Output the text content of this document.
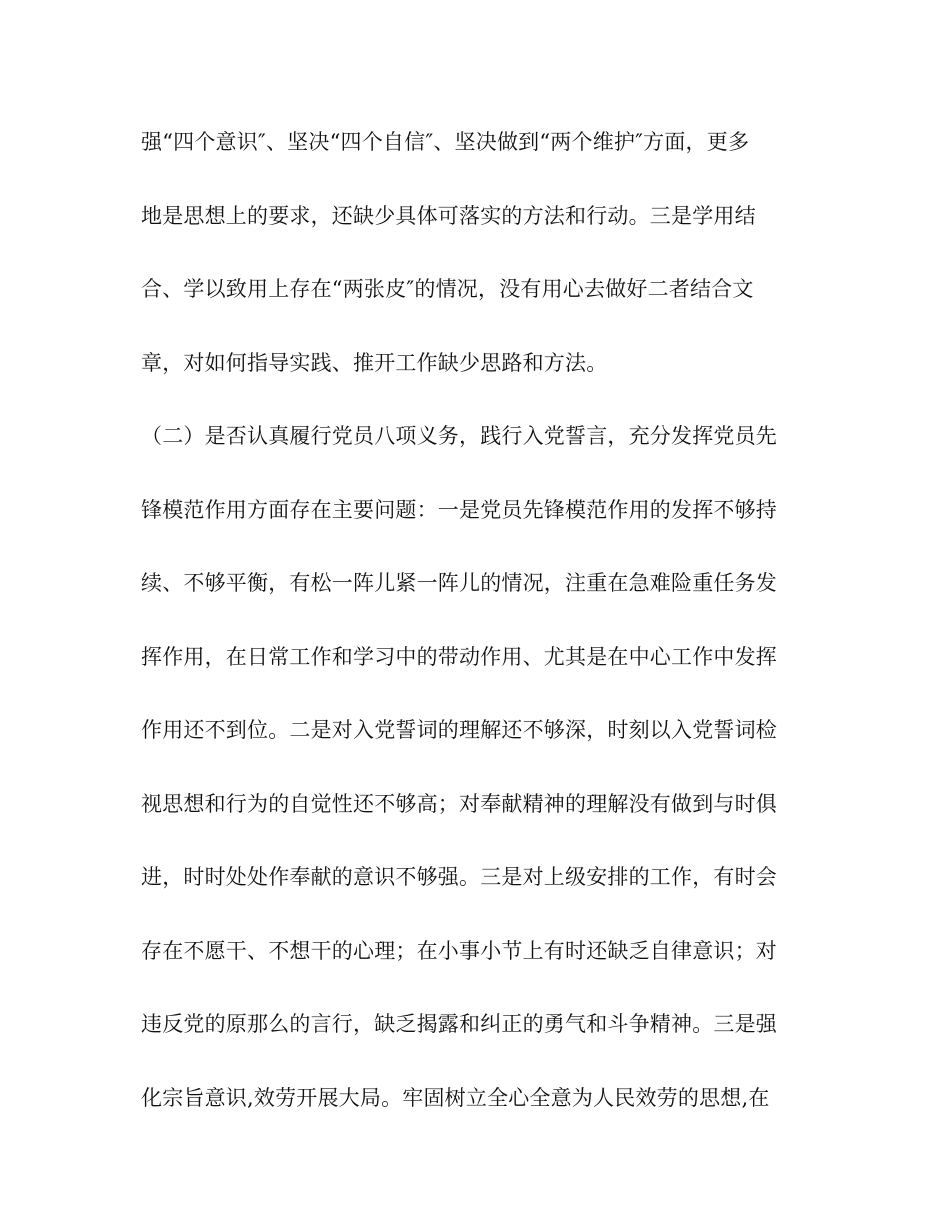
强“四个意识″、坚决“四个自信″、坚决做到“两个维护″方面，更多
地是思想上的要求，还缺少具体可落实的方法和行动。三是学用结
合、学以致用上存在“两张皮″的情况，没有用心去做好二者结合文
章，对如何指导实践、推开工作缺少思路和方法。
（二）是否认真履行党员八项义务，践行入党誓言，充分发挥党员先
锋模范作用方面存在主要问题：一是党员先锋模范作用的发挥不够持
续、不够平衡，有松一阵儿紧一阵儿的情况，注重在急难险重任务发
挥作用，在日常工作和学习中的带动作用、尤其是在中心工作中发挥
作用还不到位。二是对入党誓词的理解还不够深，时刻以入党誓词检
视思想和行为的自觉性还不够高；对奉献精神的理解没有做到与时俱
进，时时处处作奉献的意识不够强。三是对上级安排的工作，有时会
存在不愿干、不想干的心理；在小事小节上有时还缺乏自律意识；对
违反党的原那么的言行，缺乏揭露和纠正的勇气和斗争精神。三是强
化宗旨意识,效劳开展大局。牢固树立全心全意为人民效劳的思想,在
